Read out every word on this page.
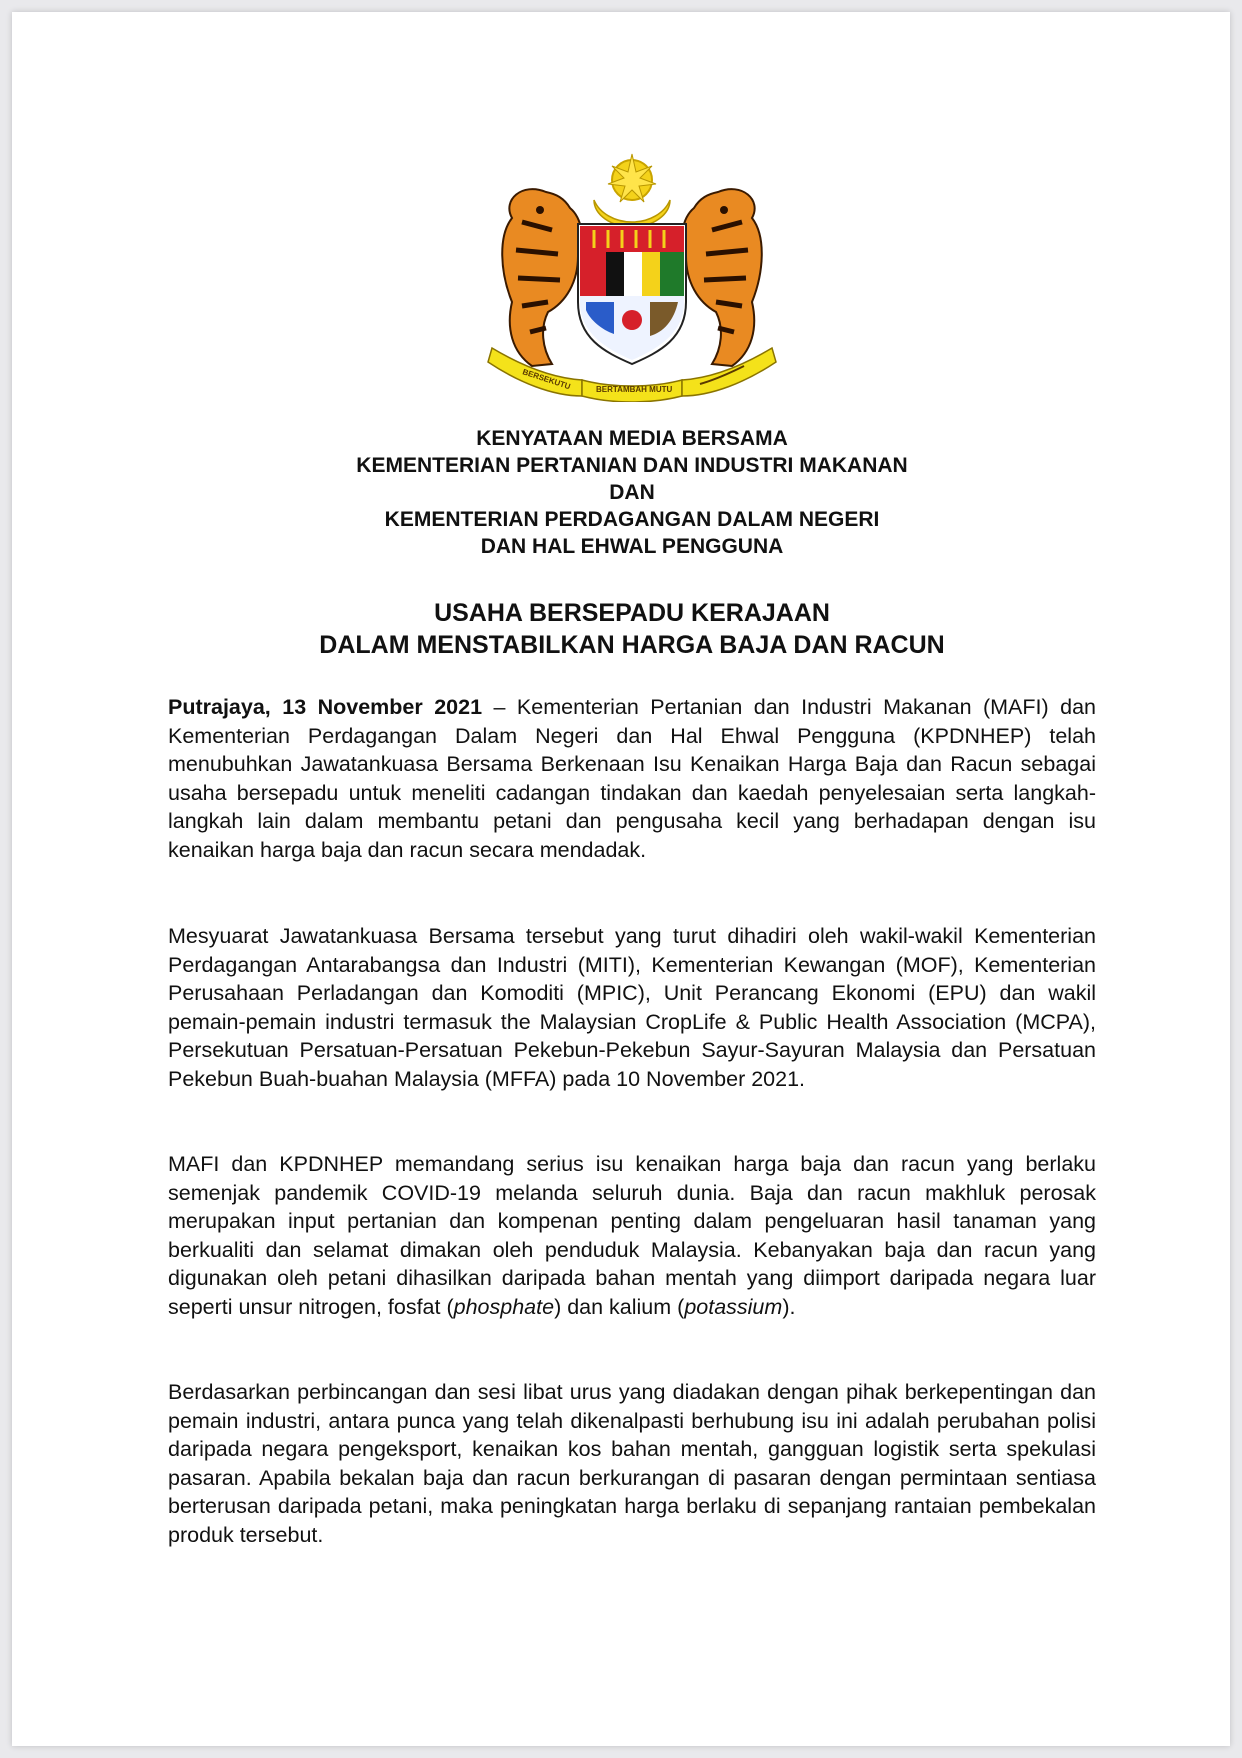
BERSEKUTU	BERTAMBAH MUTU
KENYATAAN MEDIA BERSAMA
KEMENTERIAN PERTANIAN DAN INDUSTRI MAKANAN
DAN
KEMENTERIAN PERDAGANGAN DALAM NEGERI
DAN HAL EHWAL PENGGUNA
USAHA BERSEPADU KERAJAAN
DALAM MENSTABILKAN HARGA BAJA DAN RACUN

Putrajaya, 13 November 2021 – Kementerian Pertanian dan Industri Makanan (MAFI) dan Kementerian Perdagangan Dalam Negeri dan Hal Ehwal Pengguna (KPDNHEP) telah menubuhkan Jawatankuasa Bersama Berkenaan Isu Kenaikan Harga Baja dan Racun sebagai usaha bersepadu untuk meneliti cadangan tindakan dan kaedah penyelesaian serta langkah-langkah lain dalam membantu petani dan pengusaha kecil yang berhadapan dengan isu kenaikan harga baja dan racun secara mendadak.

Mesyuarat Jawatankuasa Bersama tersebut yang turut dihadiri oleh wakil-wakil Kementerian Perdagangan Antarabangsa dan Industri (MITI), Kementerian Kewangan (MOF), Kementerian Perusahaan Perladangan dan Komoditi (MPIC), Unit Perancang Ekonomi (EPU) dan wakil pemain-pemain industri termasuk the Malaysian CropLife & Public Health Association (MCPA), Persekutuan Persatuan-Persatuan Pekebun-Pekebun Sayur-Sayuran Malaysia dan Persatuan Pekebun Buah-buahan Malaysia (MFFA) pada 10 November 2021.

MAFI dan KPDNHEP memandang serius isu kenaikan harga baja dan racun yang berlaku semenjak pandemik COVID-19 melanda seluruh dunia. Baja dan racun makhluk perosak merupakan input pertanian dan kompenan penting dalam pengeluaran hasil tanaman yang berkualiti dan selamat dimakan oleh penduduk Malaysia. Kebanyakan baja dan racun yang digunakan oleh petani dihasilkan daripada bahan mentah yang diimport daripada negara luar seperti unsur nitrogen, fosfat (phosphate) dan kalium (potassium).

Berdasarkan perbincangan dan sesi libat urus yang diadakan dengan pihak berkepentingan dan pemain industri, antara punca yang telah dikenalpasti berhubung isu ini adalah perubahan polisi daripada negara pengeksport, kenaikan kos bahan mentah, gangguan logistik serta spekulasi pasaran. Apabila bekalan baja dan racun berkurangan di pasaran dengan permintaan sentiasa berterusan daripada petani, maka peningkatan harga berlaku di sepanjang rantaian pembekalan produk tersebut.
